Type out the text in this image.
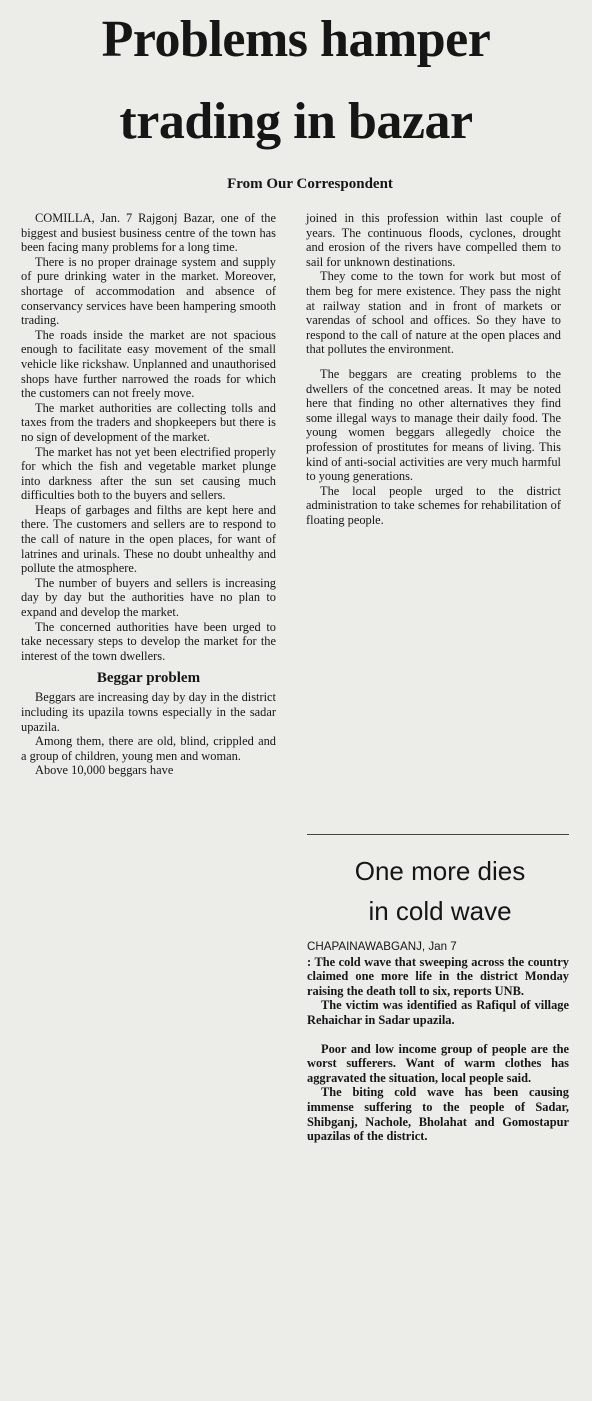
Problems hamper
trading in bazar
From Our Correspondent

COMILLA, Jan. 7 Rajgonj Bazar, one of the biggest and busiest business centre of the town has been facing many problems for a long time.

There is no proper drainage system and supply of pure drinking water in the market. Moreover, shortage of accommodation and absence of conservancy services have been hampering smooth trading.

The roads inside the market are not spacious enough to facilitate easy movement of the small vehicle like rickshaw. Unplanned and unauthorised shops have further narrowed the roads for which the customers can not freely move.

The market authorities are collecting tolls and taxes from the traders and shopkeepers but there is no sign of development of the market.

The market has not yet been electrified properly for which the fish and vegetable market plunge into darkness after the sun set causing much difficulties both to the buyers and sellers.

Heaps of garbages and filths are kept here and there. The customers and sellers are to respond to the call of nature in the open places, for want of latrines and urinals. These no doubt unhealthy and pollute the atmosphere.

The number of buyers and sellers is increasing day by day but the authorities have no plan to expand and develop the market.

The concerned authorities have been urged to take necessary steps to develop the market for the interest of the town dwellers.

Beggar problem

Beggars are increasing day by day in the district including its upazila towns especially in the sadar upazila.

Among them, there are old, blind, crippled and a group of children, young men and woman.

Above 10,000 beggars have

joined in this profession within last couple of years. The continuous floods, cyclones, drought and erosion of the rivers have compelled them to sail for unknown destinations.

They come to the town for work but most of them beg for mere existence. They pass the night at railway station and in front of markets or varendas of school and offices. So they have to respond to the call of nature at the open places and that pollutes the environment.

The beggars are creating problems to the dwellers of the concetned areas. It may be noted here that finding no other alternatives they find some illegal ways to manage their daily food. The young women beggars allegedly choice the profession of prostitutes for means of living. This kind of anti-social activities are very much harmful to young generations.

The local people urged to the district administration to take schemes for rehabilitation of floating people.

One more dies
in cold wave

CHAPAINAWABGANJ, Jan 7

: The cold wave that sweeping across the country claimed one more life in the district Monday raising the death toll to six, reports UNB.

The victim was identified as Rafiqul of village Rehaichar in Sadar upazila.

Poor and low income group of people are the worst sufferers. Want of warm clothes has aggravated the situation, local people said.

The biting cold wave has been causing immense suffering to the people of Sadar, Shibganj, Nachole, Bholahat and Gomostapur upazilas of the district.
